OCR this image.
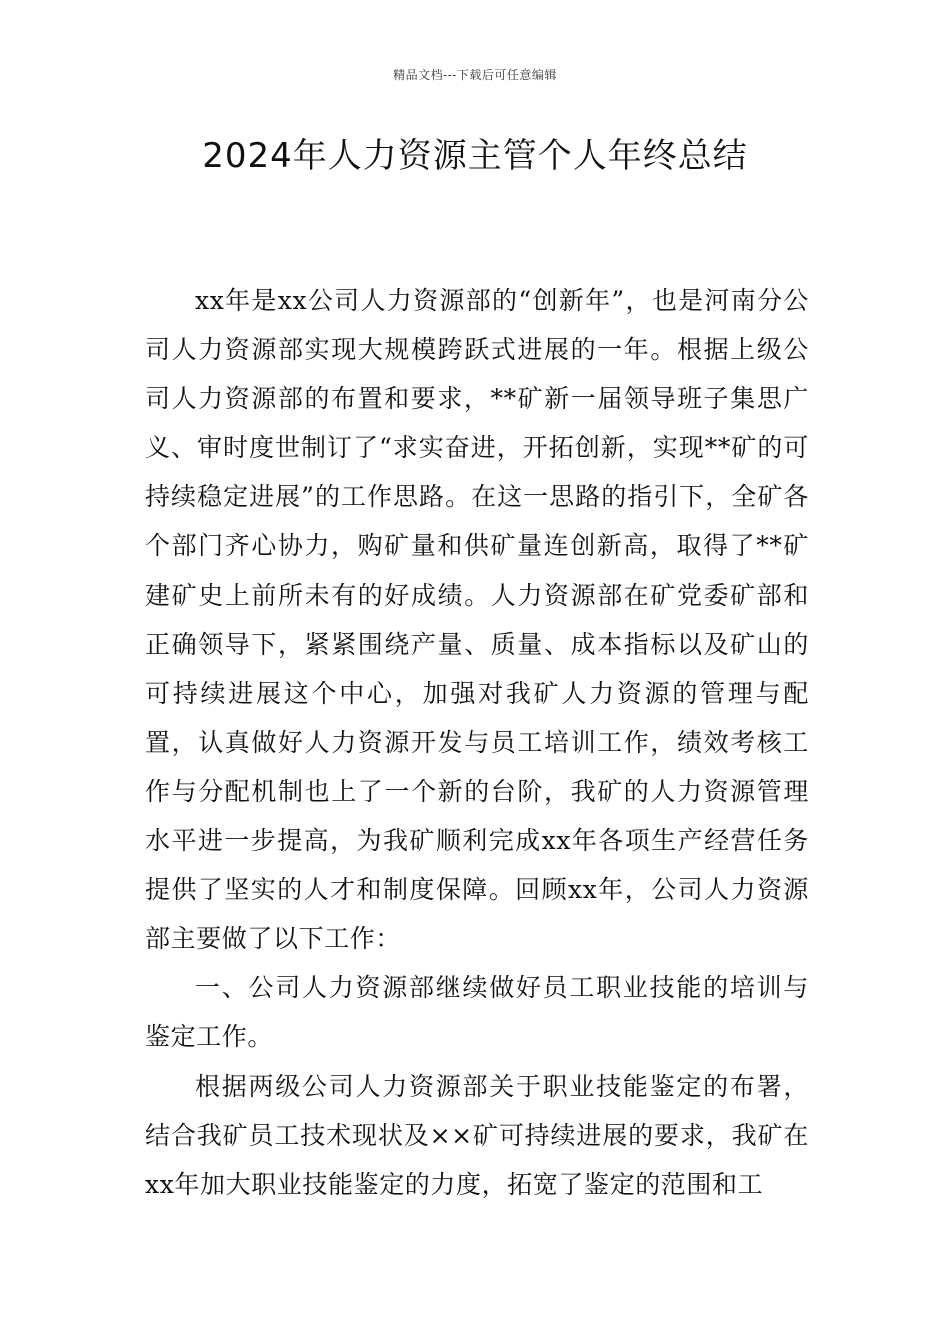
精品文档---下载后可任意编辑
2024年人力资源主管个人年终总结

xx年是xx公司人力资源部的“创新年”，也是河南分公司人力资源部实现大规模跨跃式进展的一年。根据上级公司人力资源部的布置和要求，**矿新一届领导班子集思广义、审时度世制订了“求实奋进，开拓创新，实现**矿的可持续稳定进展”的工作思路。在这一思路的指引下，全矿各个部门齐心协力，购矿量和供矿量连创新高，取得了**矿建矿史上前所未有的好成绩。人力资源部在矿党委矿部和正确领导下，紧紧围绕产量、质量、成本指标以及矿山的可持续进展这个中心，加强对我矿人力资源的管理与配置，认真做好人力资源开发与员工培训工作，绩效考核工作与分配机制也上了一个新的台阶，我矿的人力资源管理水平进一步提高，为我矿顺利完成xx年各项生产经营任务提供了坚实的人才和制度保障。回顾xx年，公司人力资源部主要做了以下工作：

一、公司人力资源部继续做好员工职业技能的培训与鉴定工作。

根据两级公司人力资源部关于职业技能鉴定的布署，结合我矿员工技术现状及××矿可持续进展的要求，我矿在xx年加大职业技能鉴定的力度，拓宽了鉴定的范围和工
